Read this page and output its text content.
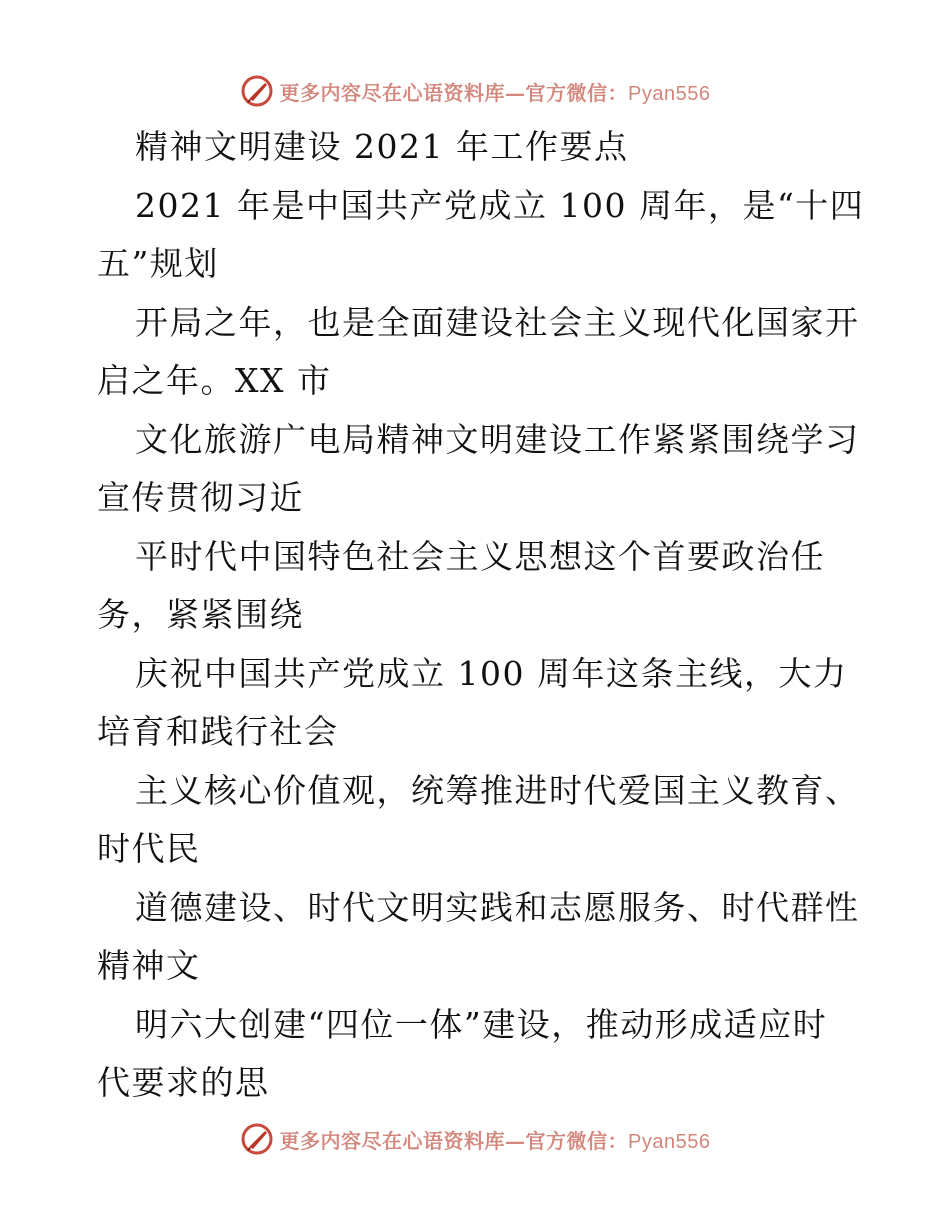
更多内容尽在心语资料库—官方微信：Pyan556
精神文明建设 2021 年工作要点
2021 年是中国共产党成立 100 周年，是“十四
五”规划
开局之年，也是全面建设社会主义现代化国家开
启之年。XX 市
文化旅游广电局精神文明建设工作紧紧围绕学习
宣传贯彻习近
平时代中国特色社会主义思想这个首要政治任
务，紧紧围绕
庆祝中国共产党成立 100 周年这条主线，大力
培育和践行社会
主义核心价值观，统筹推进时代爱国主义教育、
时代民
道德建设、时代文明实践和志愿服务、时代群性
精神文
明六大创建“四位一体”建设，推动形成适应时
代要求的思
更多内容尽在心语资料库—官方微信：Pyan556
